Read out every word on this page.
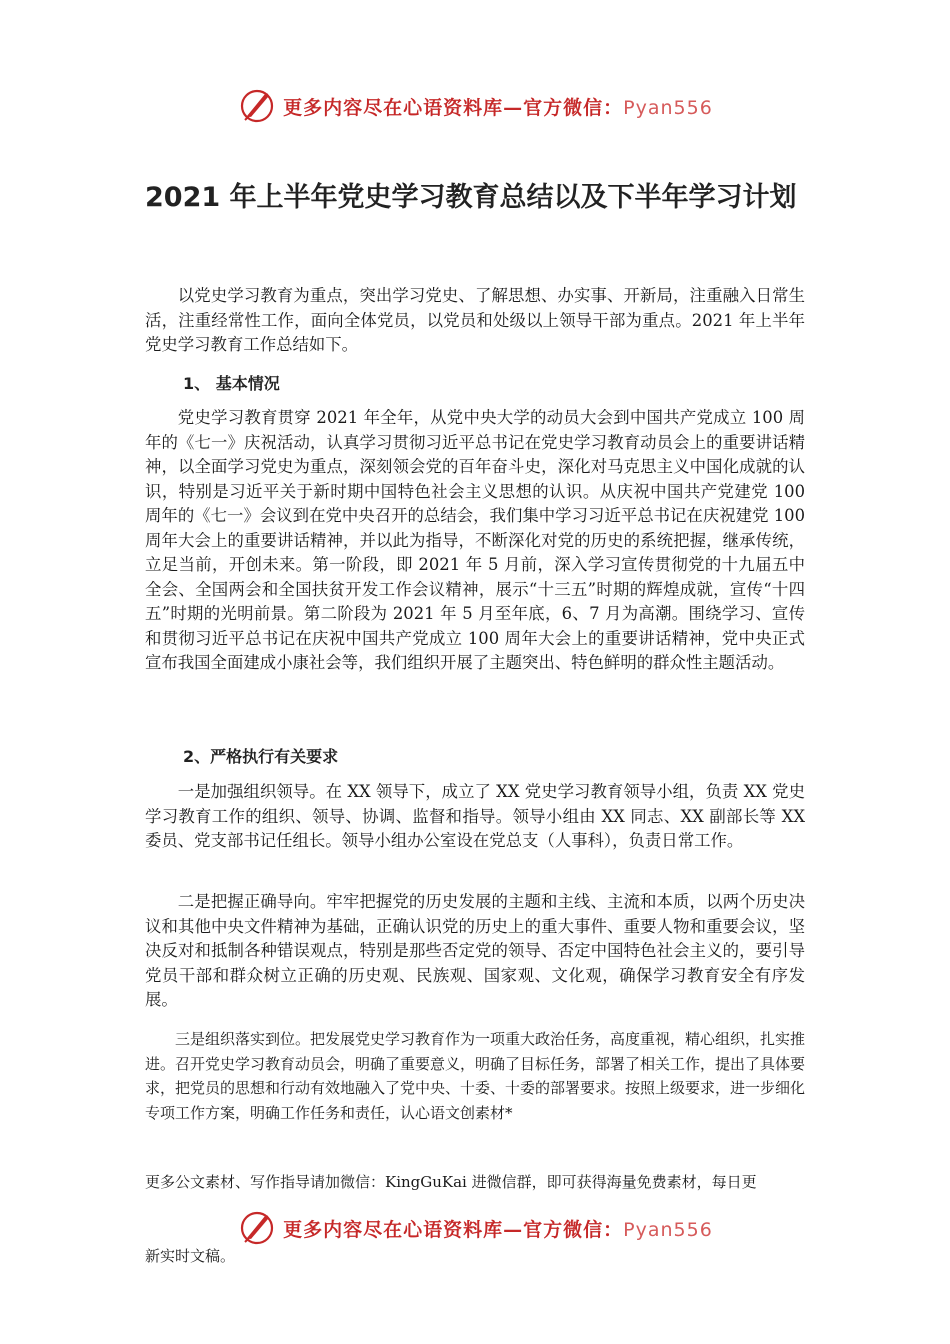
更多内容尽在心语资料库—官方微信：Pyan556
2021 年上半年党史学习教育总结以及下半年学习计划

以党史学习教育为重点，突出学习党史、了解思想、办实事、开新局，注重融入日常生活，注重经常性工作，面向全体党员，以党员和处级以上领导干部为重点。2021 年上半年党史学习教育工作总结如下。

1、 基本情况

党史学习教育贯穿 2021 年全年，从党中央大学的动员大会到中国共产党成立 100 周年的《七一》庆祝活动，认真学习贯彻习近平总书记在党史学习教育动员会上的重要讲话精神，以全面学习党史为重点，深刻领会党的百年奋斗史，深化对马克思主义中国化成就的认识，特别是习近平关于新时期中国特色社会主义思想的认识。从庆祝中国共产党建党 100 周年的《七一》会议到在党中央召开的总结会，我们集中学习习近平总书记在庆祝建党 100 周年大会上的重要讲话精神，并以此为指导，不断深化对党的历史的系统把握，继承传统，立足当前，开创未来。第一阶段，即 2021 年 5 月前，深入学习宣传贯彻党的十九届五中全会、全国两会和全国扶贫开发工作会议精神，展示“十三五”时期的辉煌成就，宣传“十四五”时期的光明前景。第二阶段为 2021 年 5 月至年底，6、7 月为高潮。围绕学习、宣传和贯彻习近平总书记在庆祝中国共产党成立 100 周年大会上的重要讲话精神，党中央正式宣布我国全面建成小康社会等，我们组织开展了主题突出、特色鲜明的群众性主题活动。

2、严格执行有关要求

一是加强组织领导。在 XX 领导下，成立了 XX 党史学习教育领导小组，负责 XX 党史学习教育工作的组织、领导、协调、监督和指导。领导小组由 XX 同志、XX 副部长等 XX 委员、党支部书记任组长。领导小组办公室设在党总支（人事科），负责日常工作。

二是把握正确导向。牢牢把握党的历史发展的主题和主线、主流和本质，以两个历史决议和其他中央文件精神为基础，正确认识党的历史上的重大事件、重要人物和重要会议，坚决反对和抵制各种错误观点，特别是那些否定党的领导、否定中国特色社会主义的，要引导党员干部和群众树立正确的历史观、民族观、国家观、文化观，确保学习教育安全有序发展。

三是组织落实到位。把发展党史学习教育作为一项重大政治任务，高度重视，精心组织，扎实推进。召开党史学习教育动员会，明确了重要意义，明确了目标任务，部署了相关工作，提出了具体要求，把党员的思想和行动有效地融入了党中央、十委、十委的部署要求。按照上级要求，进一步细化专项工作方案，明确工作任务和责任，认心语文创素材*

更多公文素材、写作指导请加微信：KingGuKai 进微信群，即可获得海量免费素材，每日更
更多内容尽在心语资料库—官方微信：Pyan556
新实时文稿。
